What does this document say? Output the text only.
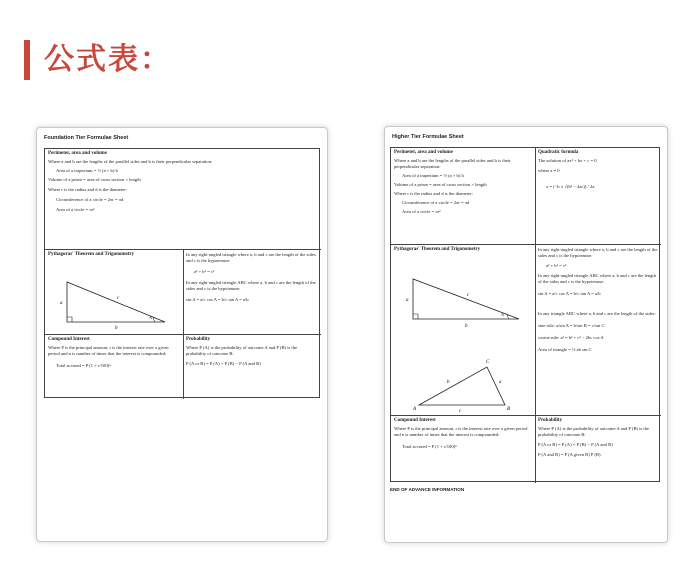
公式表：
Foundation Tier Formulae Sheet
Perimeter, area and volume
Where a and b are the lengths of the parallel sides and h is their perpendicular separation:
Area of a trapezium = ½ (a + b) h
Volume of a prism = area of cross section × length
Where r is the radius and d is the diameter:
Circumference of a circle = 2πr = πd
Area of a circle = πr²
Pythagoras' Theorem and Trigonometry
a
b
c
A
In any right-angled triangle where a, b and c are the length of the sides and c is the hypotenuse:
a² + b² = c²
In any right-angled triangle ABC where a, b and c are the length of the sides and c is the hypotenuse:
sin A = a/c cos A = b/c tan A = a/b
Compound Interest
Where P is the principal amount, r is the interest rate over a given period and n is number of times that the interest is compounded:
Total accrued = P (1 + r/100)ⁿ
Probability
Where P (A) is the probability of outcome A and P (B) is the probability of outcome B:
P (A or B) = P (A) + P (B) − P (A and B)
Higher Tier Formulae Sheet
Perimeter, area and volume
Where a and b are the lengths of the parallel sides and h is their perpendicular separation:
Area of a trapezium = ½ (a + b) h
Volume of a prism = area of cross section × length
Where r is the radius and d is the diameter:
Circumference of a circle = 2πr = πd
Area of a circle = πr²
Quadratic formula
The solution of ax² + bx + c = 0
where a ≠ 0
x = (−b ± √(b² − 4ac)) / 2a
Pythagoras' Theorem and Trigonometry
a
b
c
A
A
C
B
c
b	a
In any right-angled triangle where a, b and c are the length of the sides and c is the hypotenuse:
a² + b² = c²
In any right-angled triangle ABC where a, b and c are the length of the sides and c is the hypotenuse:
sin A = a/c cos A = b/c tan A = a/b
In any triangle ABC where a, b and c are the length of the sides:
sine rule: a/sin A = b/sin B = c/sin C
cosine rule: a² = b² + c² − 2bc cos A
Area of triangle = ½ ab sin C
Compound Interest
Where P is the principal amount, r is the interest rate over a given period and n is number of times that the interest is compounded:
Total accrued = P (1 + r/100)ⁿ
Probability
Where P (A) is the probability of outcome A and P (B) is the probability of outcome B:
P (A or B) = P (A) + P (B) − P (A and B)
P (A and B) = P (A given B) P (B)
END OF ADVANCE INFORMATION
